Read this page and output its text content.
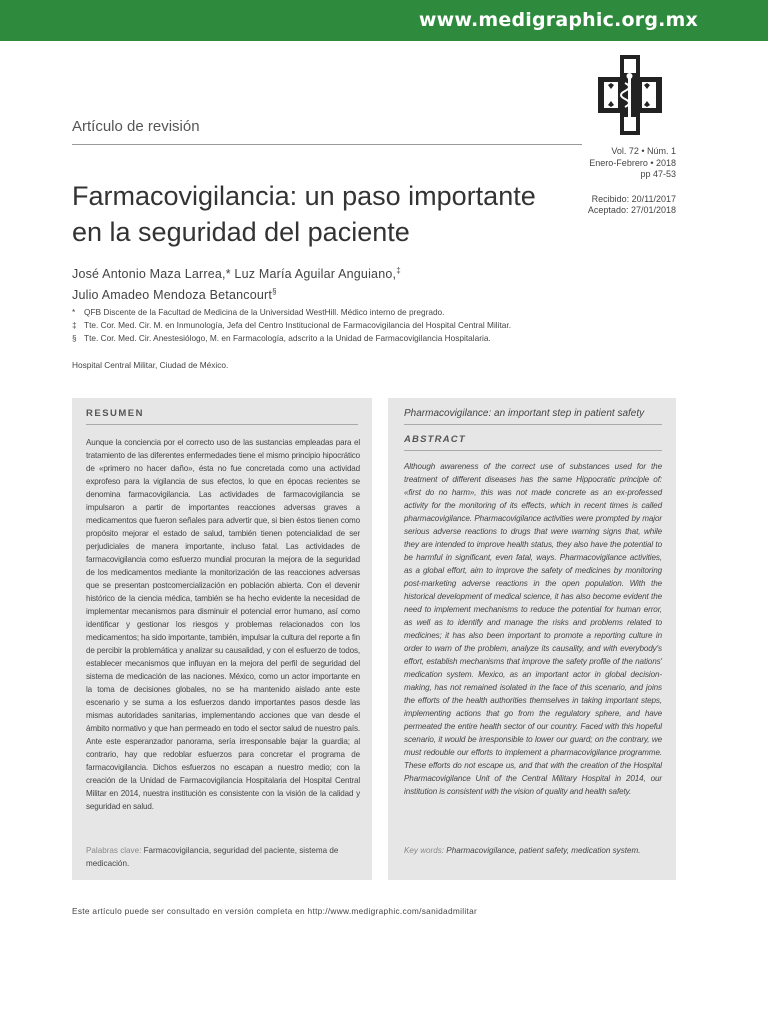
www.medigraphic.org.mx
Artículo de revisión
Vol. 72 • Núm. 1
Enero-Febrero • 2018
pp 47-53
Recibido: 20/11/2017
Aceptado: 27/01/2018
Farmacovigilancia: un paso importante
en la seguridad del paciente
José Antonio Maza Larrea,* Luz María Aguilar Anguiano,‡
Julio Amadeo Mendoza Betancourt§
* QFB Discente de la Facultad de Medicina de la Universidad WestHill. Médico interno de pregrado.
‡ Tte. Cor. Med. Cir. M. en Inmunología, Jefa del Centro Institucional de Farmacovigilancia del Hospital Central Militar.
§ Tte. Cor. Med. Cir. Anestesiólogo, M. en Farmacología, adscrito a la Unidad de Farmacovigilancia Hospitalaria.
Hospital Central Militar, Ciudad de México.
RESUMEN
Aunque la conciencia por el correcto uso de las sustancias empleadas para el tratamiento de las diferentes enfermedades tiene el mismo principio hipocrático de «primero no hacer daño», ésta no fue concretada como una actividad exprofeso para la vigilancia de sus efectos, lo que en épocas recientes se denomina farmacovigilancia. Las actividades de farmacovigilancia se impulsaron a partir de importantes reacciones adversas graves a medicamentos que fueron señales para advertir que, si bien éstos tienen como propósito mejorar el estado de salud, también tienen potencialidad de ser perjudiciales de manera importante, incluso fatal. Las actividades de farmacovigilancia como esfuerzo mundial procuran la mejora de la seguridad de los medicamentos mediante la monitorización de las reacciones adversas que se presentan postcomercialización en población abierta. Con el devenir histórico de la ciencia médica, también se ha hecho evidente la necesidad de implementar mecanismos para disminuir el potencial error humano, así como identificar y gestionar los riesgos y problemas relacionados con los medicamentos; ha sido importante, también, impulsar la cultura del reporte a fin de percibir la problemática y analizar su causalidad, y con el esfuerzo de todos, establecer mecanismos que influyan en la mejora del perfil de seguridad del sistema de medicación de las naciones. México, como un actor importante en la toma de decisiones globales, no se ha mantenido aislado ante este escenario y se suma a los esfuerzos dando importantes pasos desde las mismas autoridades sanitarias, implementando acciones que van desde el ámbito normativo y que han permeado en todo el sector salud de nuestro país. Ante este esperanzador panorama, sería irresponsable bajar la guardia; al contrario, hay que redoblar esfuerzos para concretar el programa de farmacovigilancia. Dichos esfuerzos no escapan a nuestro medio; con la creación de la Unidad de Farmacovigilancia Hospitalaria del Hospital Central Militar en 2014, nuestra institución es consistente con la visión de la calidad y seguridad en salud.
Palabras clave: Farmacovigilancia, seguridad del paciente, sistema de medicación.
Pharmacovigilance: an important step in patient safety
ABSTRACT
Although awareness of the correct use of substances used for the treatment of different diseases has the same Hippocratic principle of: «first do no harm», this was not made concrete as an ex-professed activity for the monitoring of its effects, which in recent times is called pharmacovigilance. Pharmacovigilance activities were prompted by major serious adverse reactions to drugs that were warning signs that, while they are intended to improve health status, they also have the potential to be harmful in significant, even fatal, ways. Pharmacovigilance activities, as a global effort, aim to improve the safety of medicines by monitoring post-marketing adverse reactions in the open population. With the historical development of medical science, it has also become evident the need to implement mechanisms to reduce the potential for human error, as well as to identify and manage the risks and problems related to medicines; it has also been important to promote a reporting culture in order to warn of the problem, analyze its causality, and with everybody's effort, establish mechanisms that improve the safety profile of the nations' medication system. Mexico, as an important actor in global decision-making, has not remained isolated in the face of this scenario, and joins the efforts of the health authorities themselves in taking important steps, implementing actions that go from the regulatory sphere, and have permeated the entire health sector of our country. Faced with this hopeful scenario, it would be irresponsible to lower our guard; on the contrary, we must redouble our efforts to implement a pharmacovigilance programme. These efforts do not escape us, and that with the creation of the Hospital Pharmacovigilance Unit of the Central Military Hospital in 2014, our institution is consistent with the vision of quality and health safety.
Key words: Pharmacovigilance, patient safety, medication system.
Este artículo puede ser consultado en versión completa en http://www.medigraphic.com/sanidadmilitar
